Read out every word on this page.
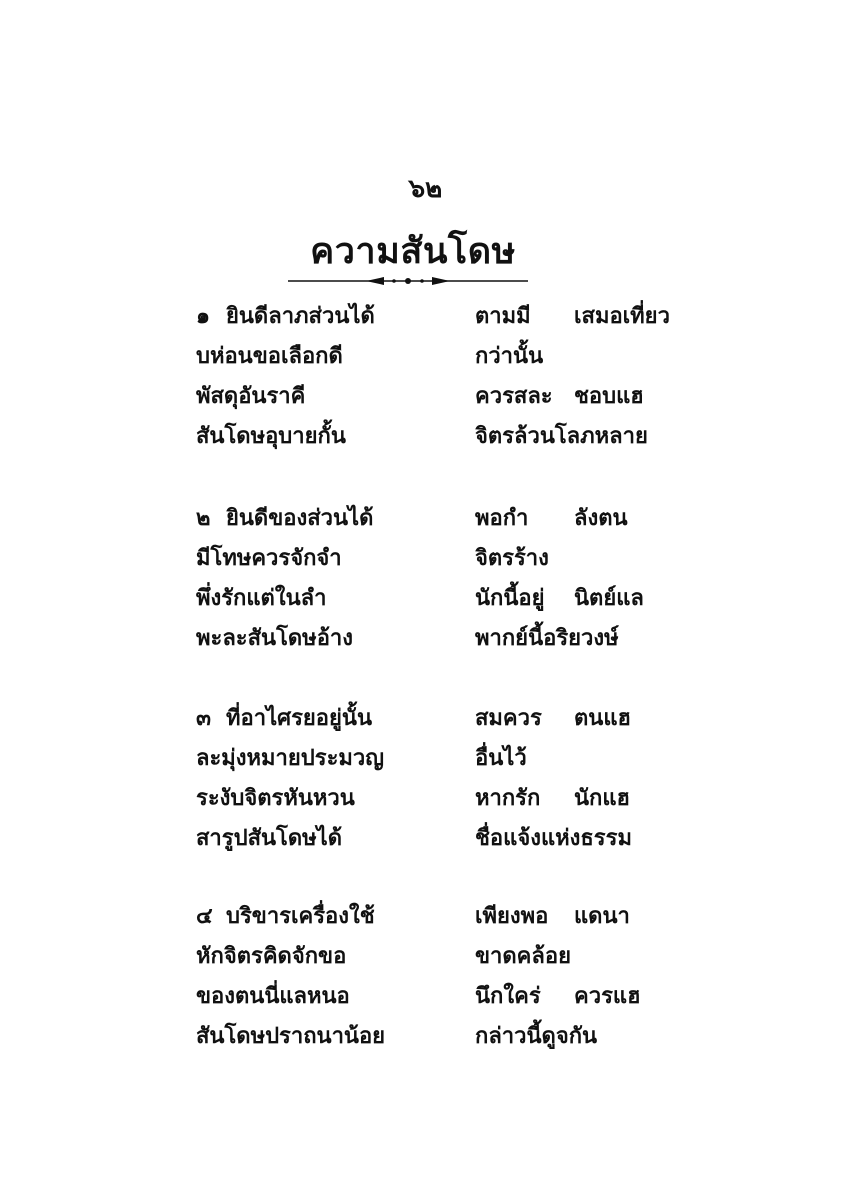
๖๒
ความสันโดษ
๑ ยินดีลาภส่วนได้	ตามมี เสมอเที่ยว
บห่อนขอเลือกดี	กว่านั้น
พัสดุอันราคี	ควรสละ ชอบแฮ
สันโดษอุบายกั้น	จิตรล้วนโลภหลาย
๒ ยินดีของส่วนได้	พอกำ ลังตน
มีโทษควรจักจำ	จิตรร้าง
พึ่งรักแต่ในลำ	นักนี้อยู่ นิตย์แล
พะละสันโดษอ้าง	พากย์นี้อริยวงษ์
๓ ที่อาไศรยอยู่นั้น	สมควร ตนแฮ
ละมุ่งหมายประมวญ	อื่นไว้
ระงับจิตรหันหวน	หากรัก นักแฮ
สารูปสันโดษได้	ชื่อแจ้งแห่งธรรม
๔ บริขารเครื่องใช้	เพียงพอ แดนา
หักจิตรคิดจักขอ	ขาดคล้อย
ของตนนี่แลหนอ	นึกใคร่ ควรแฮ
สันโดษปราถนาน้อย	กล่าวนี้ดูจกัน
